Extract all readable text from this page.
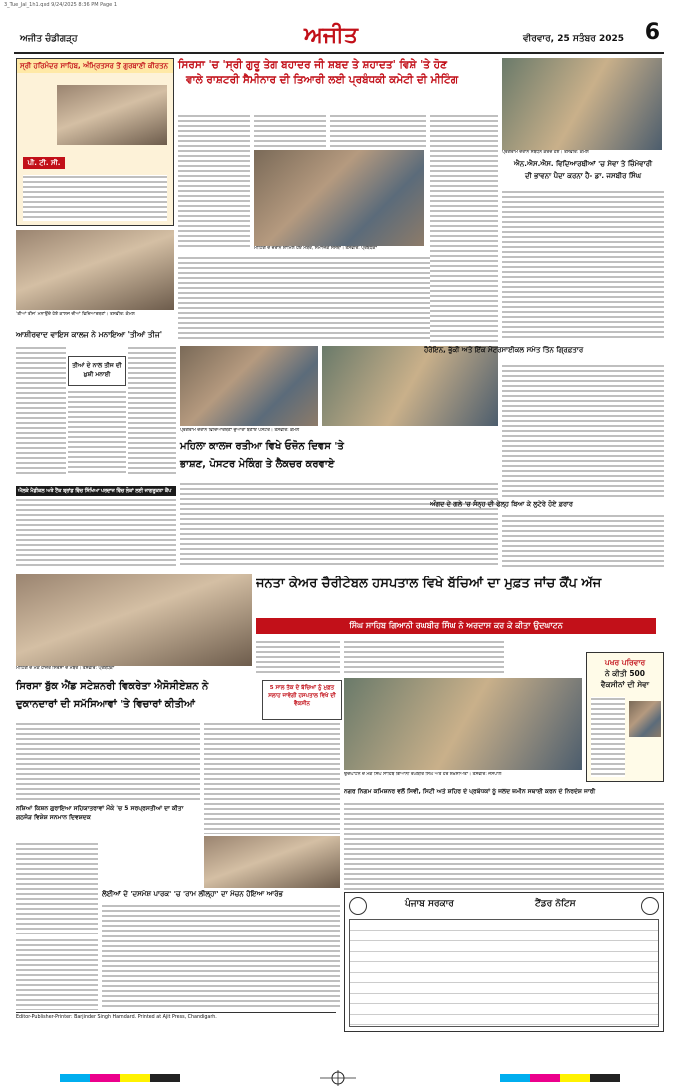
3_Tue_Jal_1h1.qxd 9/24/2025 8:36 PM Page 1
ਅਜੀਤ ਚੰਡੀਗੜ੍ਹ	ਅਜੀਤ	ਵੀਰਵਾਰ, 25 ਸਤੰਬਰ 2025 6
ਸ੍ਰੀ ਹਰਿਮੰਦਰ ਸਾਹਿਬ, ਅੰਮ੍ਰਿਤਸਰ ਤੋਂ ਗੁਰਬਾਣੀ ਕੀਰਤਨ
ਪੀ. ਟੀ. ਸੀ.
ਸਿਰਸਾ 'ਚ 'ਸ੍ਰੀ ਗੁਰੂ ਤੇਗ ਬਹਾਦਰ ਜੀ ਸ਼ਬਦ ਤੇ ਸ਼ਹਾਦਤ' ਵਿਸ਼ੇ 'ਤੇ ਹੋਣ
ਵਾਲੇ ਰਾਸ਼ਟਰੀ ਸੈਮੀਨਾਰ ਦੀ ਤਿਆਰੀ ਲਈ ਪ੍ਰਬੰਧਕੀ ਕਮੇਟੀ ਦੀ ਮੀਟਿੰਗ
ਮੀਟਿੰਗ ਦੇ ਦੌਰਾਨ ਸ਼ਾਮਿਲ ਹੋਏ ਮੈਂਬਰ, ਸਮਾਜਿਕ ਸੰਸਥਾ। ਤਸਵੀਰ: ਪ੍ਰਬੰਧਕਾਂ
ਪ੍ਰੋਗਰਾਮ ਦੌਰਾਨ ਸੰਬੋਧਨ ਕਰਦੇ ਹੋਏ। ਤਸਵੀਰ: ਕੋਮਲ
ਐਨ.ਐਸ.ਐਸ. ਵਿਦਿਆਰਥੀਆਂ 'ਚ ਸੇਵਾ ਤੇ ਜ਼ਿੰਮੇਵਾਰੀ
ਦੀ ਭਾਵਨਾ ਪੈਦਾ ਕਰਨਾ ਹੈ- ਡਾ. ਜਸਬੀਰ ਸਿੰਘ
'ਤੀਆਂ ਤੀਜ' ਮਨਾਉਂਦੇ ਹੋਏ ਕਾਲਜ ਦੀਆਂ ਵਿਦਿਆਰਥਣਾਂ। ਤਸਵੀਰ: ਕੋਮਲ
ਆਸ਼ੀਰਵਾਦ ਵਾਇਸ ਕਾਲਜ ਨੇ ਮਨਾਇਆ 'ਤੀਆਂ ਤੀਜ'
ਤੀਆਂ ਦੇ ਨਾਲ ਤੀਜ ਦੀ ਖ਼ੁਸ਼ੀ ਮਨਾਈ
ਪ੍ਰੋਗਰਾਮ ਦੌਰਾਨ ਵਿਦਿਆਰਥਣਾਂ ਦੁਆਰਾ ਬਣਾਏ ਪੋਸਟਰ। ਤਸਵੀਰ: ਕੋਮਲ
ਮਹਿਲਾ ਕਾਲਜ ਰਤੀਆ ਵਿਖੇ ਓਜ਼ੋਨ ਦਿਵਸ 'ਤੇ
ਭਾਸ਼ਣ, ਪੋਸਟਰ ਮੇਕਿੰਗ ਤੇ ਲੈਕਚਰ ਕਰਵਾਏ
ਹੈਰੋਇਨ, ਭੁੱਕੀ ਅਤੇ ਇੱਕ ਮੋਟਰਸਾਈਕਲ ਸਮੇਤ ਤਿੰਨ ਗ੍ਰਿਫ਼ਤਾਰ
ਅੰਗਦ ਦੇ ਗਲੇ 'ਚ ਸੰਨ੍ਹ ਦੀ ਫੇਲ੍ਹ ਬਿਆ ਕੇ ਲੁਟੇਰੇ ਹੋਏ ਫ਼ਰਾਰ
ਐਲਕੇ ਮੈਡੀਕਲ ਅਤੇ ਟੈਂਕ ਬ੍ਰਾਂਡ ਵਿੱਚ ਸਿੱਖਿਆ ਪਰਦਾਜ ਵਿੱਚ ਲੋਕਾਂ ਲਈ ਜਾਗਰੂਕਤਾ ਕੈਂਪ
ਮੀਟਿੰਗ ਦੇ ਮੌਕੇ ਹਾਜ਼ਰ ਸਿਰਸਾ ਦੇ ਮੈਂਬਰ। ਤਸਵੀਰ: ਪ੍ਰਬੰਧਕਾਂ
ਜਨਤਾ ਕੇਅਰ ਚੈਰੀਟੇਬਲ ਹਸਪਤਾਲ ਵਿਖੇ ਬੱਚਿਆਂ ਦਾ ਮੁਫ਼ਤ ਜਾਂਚ ਕੈਂਪ ਅੱਜ
ਸਿੰਘ ਸਾਹਿਬ ਗਿਆਨੀ ਰਘਬੀਰ ਸਿੰਘ ਨੇ ਅਰਦਾਸ ਕਰ ਕੇ ਕੀਤਾ ਉਦਘਾਟਨ
ਸਿਰਸਾ ਬੁੱਕ ਐਂਡ ਸਟੇਸ਼ਨਰੀ ਵਿਕਰੇਤਾ ਐਸੋਸੀਏਸ਼ਨ ਨੇ
ਦੁਕਾਨਦਾਰਾਂ ਦੀ ਸਮੱਸਿਆਵਾਂ 'ਤੇ ਵਿਚਾਰਾਂ ਕੀਤੀਆਂ
5 ਸਾਲ ਤੱਕ ਦੇ ਬੱਚਿਆਂ ਨੂੰ ਮੁਫ਼ਤ ਸਲਾਹ ਜਾਵੇਗੀ ਹਸਪਤਾਲ ਵਿਖੇ ਦੀ ਵੈਕਸੀਨ
ਉਦਘਾਟਨ ਦੇ ਮੌਕੇ ਸਿੰਘ ਸਾਹਿਬ ਗਿਆਨੀ ਰਘਬੀਰ ਸਿੰਘ ਅਤੇ ਹੋਰ ਸ਼ਖ਼ਸੀਅਤਾਂ। ਤਸਵੀਰ: ਜਸਪਾਲ
ਪਖਰ ਪਰਿਵਾਰ
ਨੇ ਕੀਤੀ 500
ਵੈਕਸੀਨਾਂ ਦੀ ਸੇਵਾ
ਨਗਰ ਨਿਗਮ ਕਮਿਸ਼ਨਰ ਵਲੋਂ ਸਿਵੀ, ਸਿਟੀ ਅਤੇ ਸ਼ਹਿਰ ਦੇ ਪ੍ਰਬੰਧਕਾਂ ਨੂੰ ਜਲਦ ਜ਼ਮੀਨ ਸਥਾਈ ਕਰਨ ਦੇ ਨਿਰਦੇਸ਼ ਜਾਰੀ
ਨਸ਼ਿਆਂ ਕਿਸ਼ਨ ਗੁਰਾਇਆ ਸਹਿਯਾਤਰਾਵਾਂ ਮੌਕੇ 'ਚ 5 ਸਰਪ੍ਰਸਤੀਆਂ ਦਾ ਕੀਤਾ ਗਠਜੋੜ ਵਿਸ਼ੇਸ਼ ਸਨਮਾਨ ਦਿਵਸ਼ਦਕ
ਲੋਈਆਂ ਦੇ 'ਦਸਮੇਸ਼ ਪਾਰਕ' 'ਚ 'ਰਾਮ ਲੀਲ੍ਹਾ' ਦਾ ਮੰਚਨ ਹੋਇਆ ਆਰੰਭ
ਪੰਜਾਬ ਸਰਕਾਰ	ਟੈਂਡਰ ਨੋਟਿਸ
Editor-Publisher-Printer: Barjinder Singh Hamdard. Printed at Ajit Press, Chandigarh.
